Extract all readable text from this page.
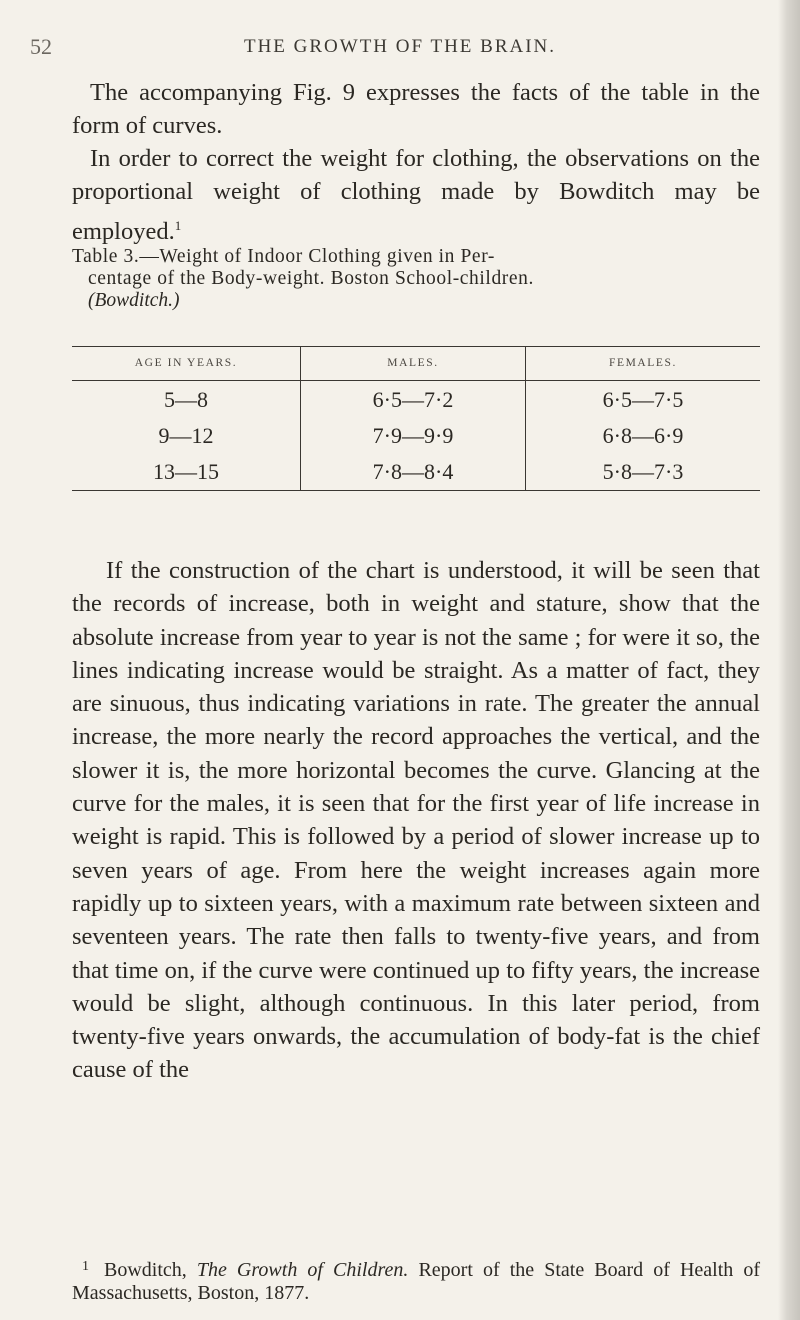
52	THE GROWTH OF THE BRAIN.

The accompanying Fig. 9 expresses the facts of the table in the form of curves.

In order to correct the weight for clothing, the observations on the proportional weight of clothing made by Bowditch may be employed.$^1$

Table 3.—Weight of Indoor Clothing given in Per-
centage of the Body-weight. Boston School-children.
(Bowditch.)

AGE IN YEARS.	MALES.	FEMALES.
5—8	6·5—7·2	6·5—7·5
9—12	7·9—9·9	6·8—6·9
13—15	7·8—8·4	5·8—7·3

If the construction of the chart is understood, it will be seen that the records of increase, both in weight and stature, show that the absolute increase from year to year is not the same ; for were it so, the lines indicating increase would be straight. As a matter of fact, they are sinuous, thus indicating variations in rate. The greater the annual increase, the more nearly the record approaches the vertical, and the slower it is, the more horizontal becomes the curve. Glancing at the curve for the males, it is seen that for the first year of life increase in weight is rapid. This is followed by a period of slower increase up to seven years of age. From here the weight increases again more rapidly up to sixteen years, with a maximum rate between sixteen and seventeen years. The rate then falls to twenty-five years, and from that time on, if the curve were continued up to fifty years, the increase would be slight, although continuous. In this later period, from twenty-five years onwards, the accumulation of body-fat is the chief cause of the

1 Bowditch, The Growth of Children. Report of the State Board of Health of Massachusetts, Boston, 1877.
